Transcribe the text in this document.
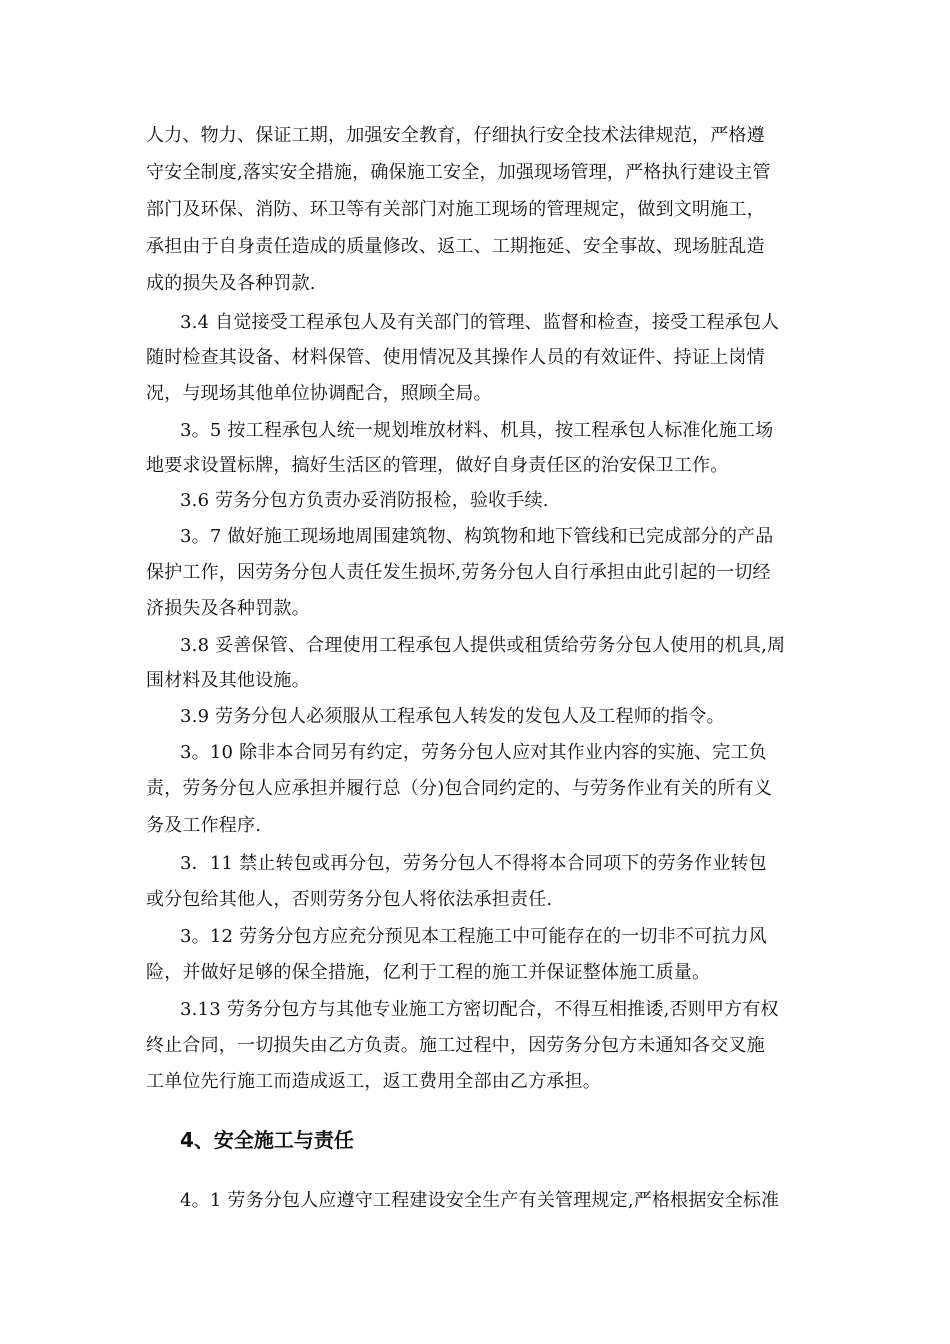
人力、物力、保证工期，加强安全教育，仔细执行安全技术法律规范，严格遵
守安全制度,落实安全措施，确保施工安全，加强现场管理，严格执行建设主管
部门及环保、消防、环卫等有关部门对施工现场的管理规定，做到文明施工，
承担由于自身责任造成的质量修改、返工、工期拖延、安全事故、现场脏乱造
成的损失及各种罚款.
3.4 自觉接受工程承包人及有关部门的管理、监督和检查，接受工程承包人
随时检查其设备、材料保管、使用情况及其操作人员的有效证件、持证上岗情
况，与现场其他单位协调配合，照顾全局。
3。5 按工程承包人统一规划堆放材料、机具，按工程承包人标准化施工场
地要求设置标牌，搞好生活区的管理，做好自身责任区的治安保卫工作。
3.6 劳务分包方负责办妥消防报检，验收手续.
3。7 做好施工现场地周围建筑物、构筑物和地下管线和已完成部分的产品
保护工作，因劳务分包人责任发生损坏,劳务分包人自行承担由此引起的一切经
济损失及各种罚款。
3.8 妥善保管、合理使用工程承包人提供或租赁给劳务分包人使用的机具,周
围材料及其他设施。
3.9 劳务分包人必须服从工程承包人转发的发包人及工程师的指令。
3。10 除非本合同另有约定，劳务分包人应对其作业内容的实施、完工负
责，劳务分包人应承担并履行总（分)包合同约定的、与劳务作业有关的所有义
务及工作程序.
3．11 禁止转包或再分包，劳务分包人不得将本合同项下的劳务作业转包
或分包给其他人，否则劳务分包人将依法承担责任.
3。12 劳务分包方应充分预见本工程施工中可能存在的一切非不可抗力风
险，并做好足够的保全措施，亿利于工程的施工并保证整体施工质量。
3.13 劳务分包方与其他专业施工方密切配合，不得互相推诿,否则甲方有权
终止合同，一切损失由乙方负责。施工过程中，因劳务分包方未通知各交叉施
工单位先行施工而造成返工，返工费用全部由乙方承担。
4、安全施工与责任
4。1 劳务分包人应遵守工程建设安全生产有关管理规定,严格根据安全标准
